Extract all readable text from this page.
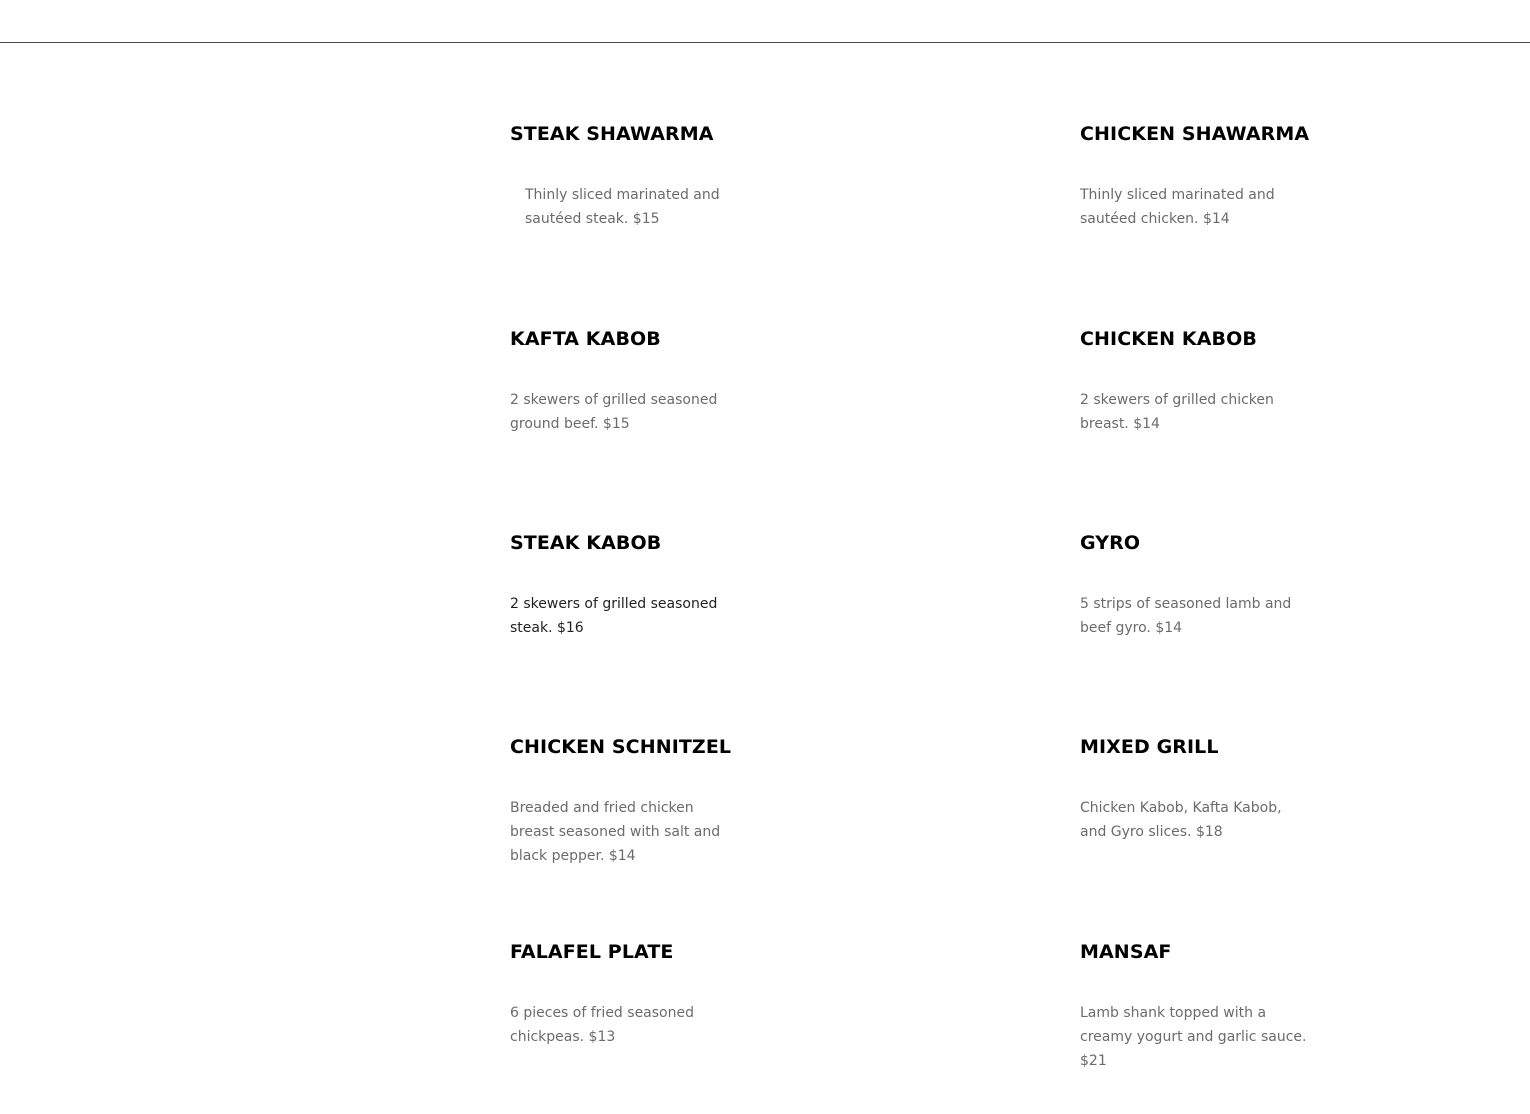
STEAK SHAWARMA

Thinly sliced marinated and sautéed steak. $15

CHICKEN SHAWARMA

Thinly sliced marinated and sautéed chicken. $14

KAFTA KABOB

2 skewers of grilled seasoned ground beef. $15

CHICKEN KABOB

2 skewers of grilled chicken breast. $14

STEAK KABOB

2 skewers of grilled seasoned steak. $16

GYRO

5 strips of seasoned lamb and beef gyro. $14

CHICKEN SCHNITZEL

Breaded and fried chicken breast seasoned with salt and black pepper. $14

MIXED GRILL

Chicken Kabob, Kafta Kabob, and Gyro slices. $18

FALAFEL PLATE

6 pieces of fried seasoned chickpeas. $13

MANSAF

Lamb shank topped with a creamy yogurt and garlic sauce. $21
